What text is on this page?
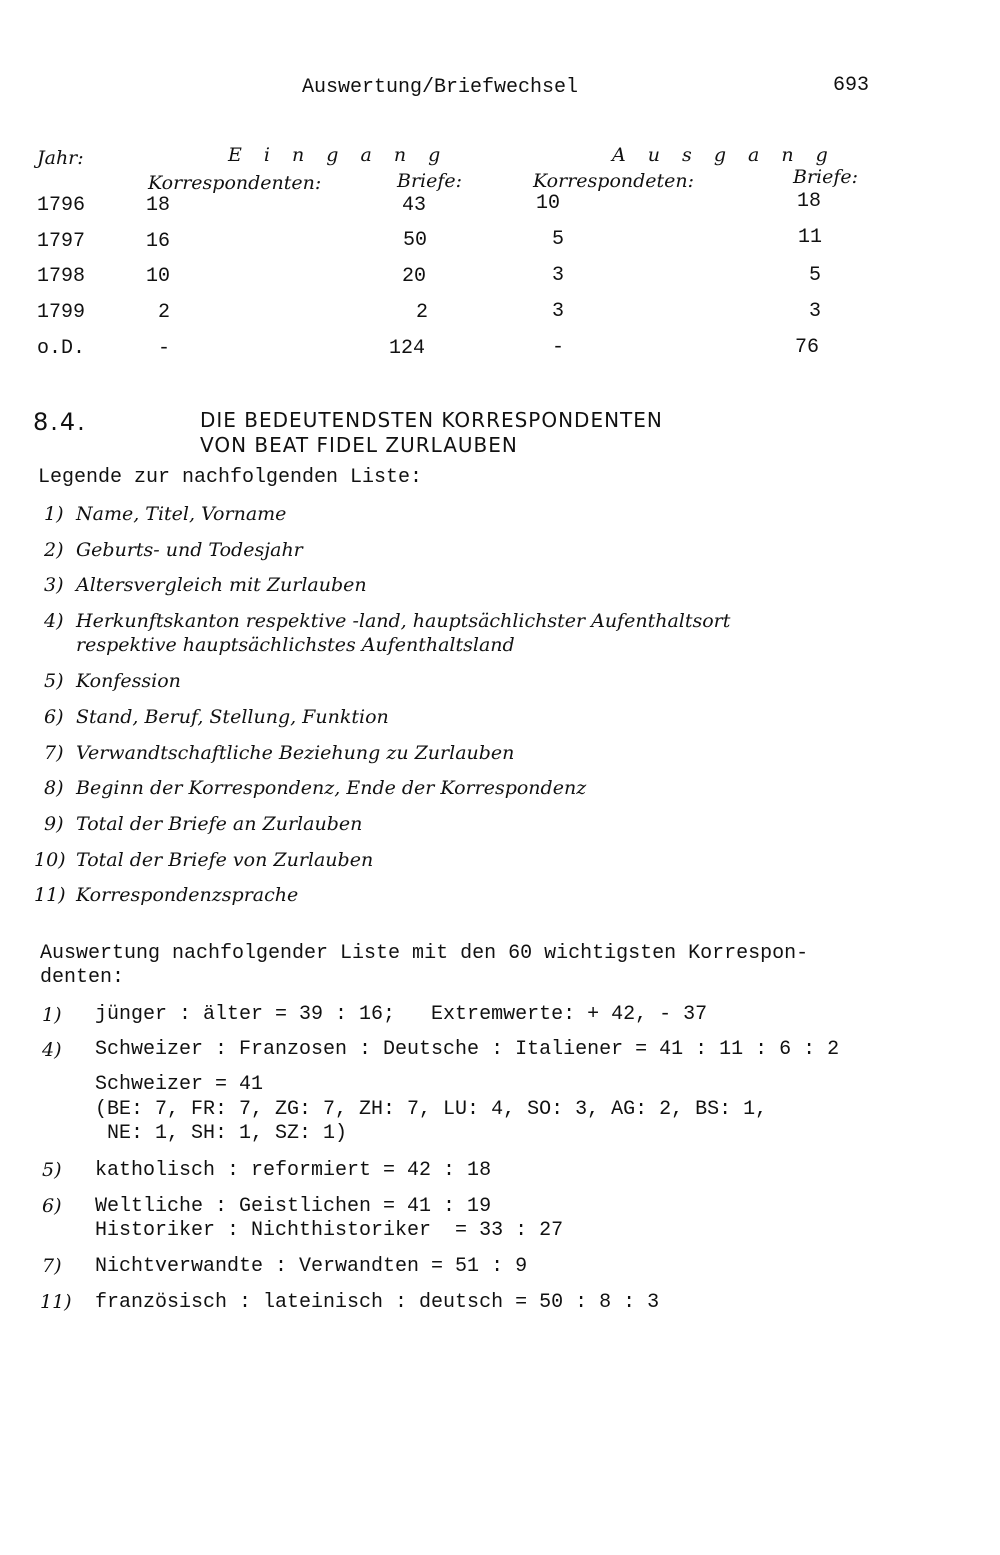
Auswertung/Briefwechsel	693
Jahr:	E i n g a n g	A u s g a n g
Korrespondenten:	Briefe:	Korrespondeten:	Briefe:
1796	18	43	10	18
1797	16	50	5	11
1798	10	20	3	5
1799	2	2	3	3
o.D.	-	124	-	76
8.4.	DIE BEDEUTENDSTEN KORRESPONDENTEN
VON BEAT FIDEL ZURLAUBEN
Legende zur nachfolgenden Liste:
1) Name, Titel, Vorname
2) Geburts- und Todesjahr
3) Altersvergleich mit Zurlauben
4) Herkunftskanton respektive -land, hauptsächlichster Aufenthaltsort
respektive hauptsächlichstes Aufenthaltsland
5) Konfession
6) Stand, Beruf, Stellung, Funktion
7) Verwandtschaftliche Beziehung zu Zurlauben
8) Beginn der Korrespondenz, Ende der Korrespondenz
9) Total der Briefe an Zurlauben
10) Total der Briefe von Zurlauben
11) Korrespondenzsprache
Auswertung nachfolgender Liste mit den 60 wichtigsten Korrespon-
denten:
1) jünger : älter = 39 : 16;   Extremwerte: + 42, - 37
4) Schweizer : Franzosen : Deutsche : Italiener = 41 : 11 : 6 : 2
Schweizer = 41
(BE: 7, FR: 7, ZG: 7, ZH: 7, LU: 4, SO: 3, AG: 2, BS: 1,
NE: 1, SH: 1, SZ: 1)
5) katholisch : reformiert = 42 : 18
6) Weltliche : Geistlichen = 41 : 19
Historiker : Nichthistoriker  = 33 : 27
7) Nichtverwandte : Verwandten = 51 : 9
11) französisch : lateinisch : deutsch = 50 : 8 : 3
